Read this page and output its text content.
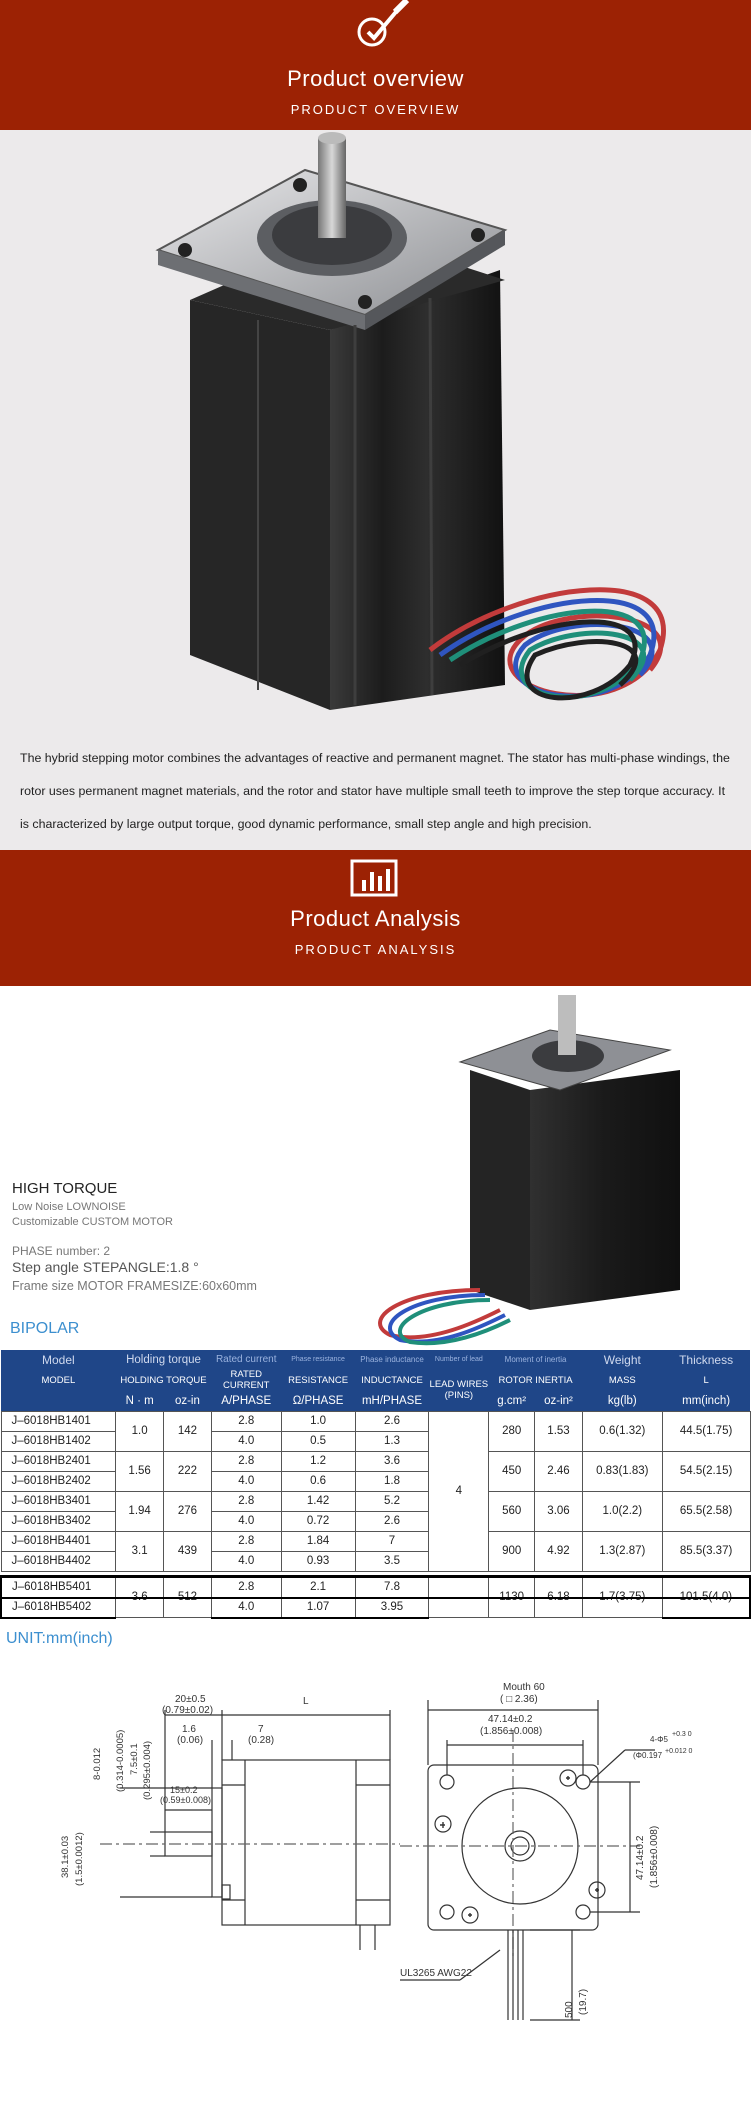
Product overview
PRODUCT OVERVIEW
The hybrid stepping motor combines the advantages of reactive and permanent magnet. The stator has multi-phase windings, the rotor uses permanent magnet materials, and the rotor and stator have multiple small teeth to improve the step torque accuracy. It is characterized by large output torque, good dynamic performance, small step angle and high precision.
Product Analysis
PRODUCT ANALYSIS
HIGH TORQUE
Low Noise LOWNOISE
Customizable CUSTOM MOTOR
PHASE number: 2
Step angle STEPANGLE:1.8 °
Frame size MOTOR FRAMESIZE:60x60mm
BIPOLAR
Model	Holding torque		Rated current	Phase resistance	Phase inductance	Number of lead	Moment of inertia		Weight	Thickness
MODEL	HOLDING TORQUE		RATED CURRENT	RESISTANCE	INDUCTANCE	LEAD WIRES (PINS)	ROTOR INERTIA		MASS	L
	N · m	oz-in	A/PHASE	Ω/PHASE	mH/PHASE		g.cm²	oz-in²	kg(lb)	mm(inch)
J–6018HB1401	1.0	142	2.8	1.0	2.6	4	280	1.53	0.6(1.32)	44.5(1.75)
J–6018HB1402			4.0	0.5	1.3					
J–6018HB2401	1.56	222	2.8	1.2	3.6		450	2.46	0.83(1.83)	54.5(2.15)
J–6018HB2402			4.0	0.6	1.8					
J–6018HB3401	1.94	276	2.8	1.42	5.2		560	3.06	1.0(2.2)	65.5(2.58)
J–6018HB3402			4.0	0.72	2.6					
J–6018HB4401	3.1	439	2.8	1.84	7		900	4.92	1.3(2.87)	85.5(3.37)
J–6018HB4402			4.0	0.93	3.5					

J–6018HB5401	3.6	512	2.8	2.1	7.8		1130	6.18	1.7(3.75)	101.5(4.0)
J–6018HB5402			4.0	1.07	3.95					
UNIT:mm(inch)
20±0.5
(0.79±0.02)
L
1.6
(0.06)
7
(0.28)
15±0.2
(0.59±0.008)
8-0.012 (0.314-0.0005) 7.5±0.1 (0.295±0.004)
38.1±0.03 (1.5±0.0012)
Mouth 60
( □ 2.36)
47.14±0.2
(1.856±0.008)
47.14±0.2 (1.856±0.008)
4-Φ5
+0.3 0
(Φ0.197 +0.012 0
UL3265 AWG22
500 (19.7)
